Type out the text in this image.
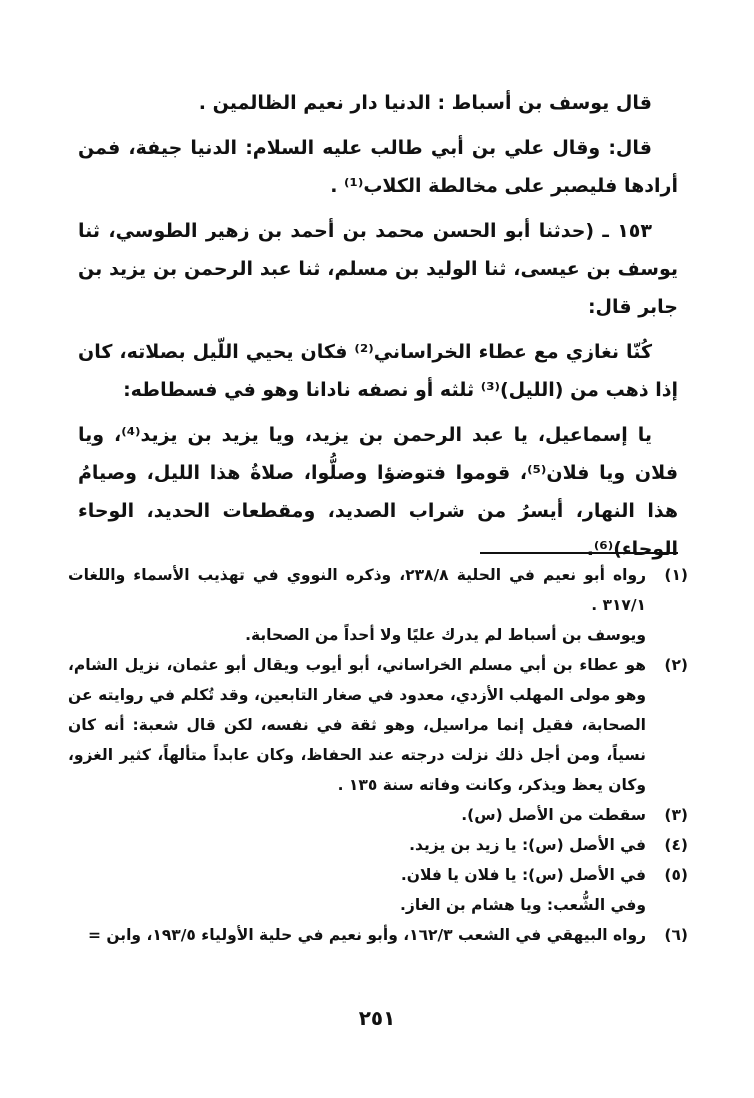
قال يوسف بن أسباط : الدنيا دار نعيم الظالمين .

قال: وقال علي بن أبي طالب عليه السلام: الدنيا جيفة، فمن أرادها فليصبر على مخالطة الكلاب⁽¹⁾ .

١٥٣ ـ (حدثنا أبو الحسن محمد بن أحمد بن زهير الطوسي، ثنا يوسف بن عيسى، ثنا الوليد بن مسلم، ثنا عبد الرحمن بن يزيد بن جابر قال:

كُنّا نغازي مع عطاء الخراساني⁽²⁾ فكان يحيي اللّيل بصلاته، كان إذا ذهب من (الليل)⁽³⁾ ثلثه أو نصفه نادانا وهو في فسطاطه:

يا إسماعيل، يا عبد الرحمن بن يزيد، ويا يزيد بن يزيد⁽⁴⁾، ويا فلان ويا فلان⁽⁵⁾، قوموا فتوضؤا وصلُّوا، صلاةُ هذا الليل، وصيامُ هذا النهار، أيسرُ من شراب الصديد، ومقطعات الحديد، الوحاء الوحاء)⁽⁶⁾.

(١)
رواه أبو نعيم في الحلية ٢٣٨/٨، وذكره النووي في تهذيب الأسماء واللغات ٣١٧/١ .
ويوسف بن أسباط لم يدرك عليًا ولا أحداً من الصحابة.
(٢)
هو عطاء بن أبي مسلم الخراساني، أبو أيوب ويقال أبو عثمان، نزيل الشام، وهو مولى المهلب الأزدي، معدود في صغار التابعين، وقد تُكلم في روايته عن الصحابة، فقيل إنما مراسيل، وهو ثقة في نفسه، لكن قال شعبة: أنه كان نسياً، ومن أجل ذلك نزلت درجته عند الحفاظ، وكان عابداً متألهاً، كثير الغزو، وكان يعظ ويذكر، وكانت وفاته سنة ١٣٥ .
(٣)
سقطت من الأصل (س).
(٤)
في الأصل (س): يا زيد بن يزيد.
(٥)
في الأصل (س): يا فلان يا فلان.
وفي الشُّعب: ويا هشام بن الغاز.
(٦)
رواه البيهقي في الشعب ١٦٢/٣، وأبو نعيم في حلية الأولياء ١٩٣/٥، وابن =
٢٥١
